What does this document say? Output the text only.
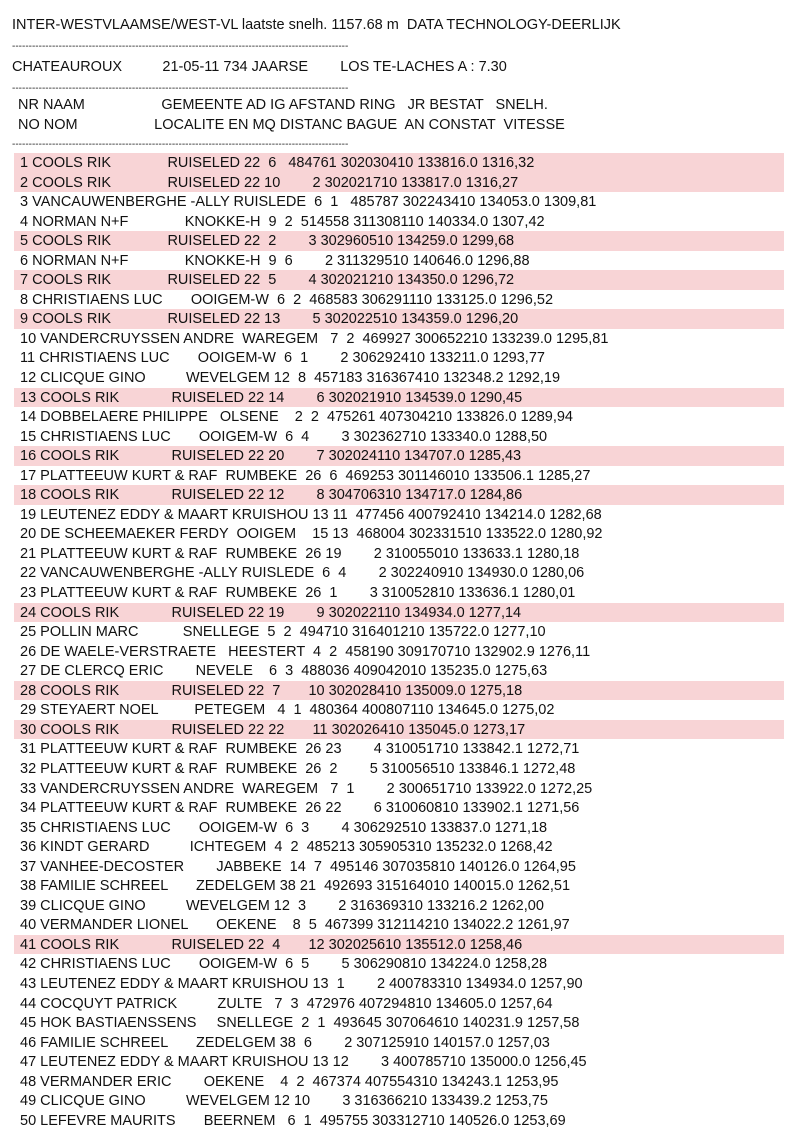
INTER-WESTVLAAMSE/WEST-VL laatste snelh. 1157.68 m  DATA TECHNOLOGY-DEERLIJK
-----------------------------------------------------------------------------------------------------
CHATEAUROUX          21-05-11 734 JAARSE        LOS TE-LACHES A : 7.30
-----------------------------------------------------------------------------------------------------
NR NAAM                   GEMEENTE AD IG AFSTAND RING   JR BESTAT   SNELH.
NO NOM                   LOCALITE EN MQ DISTANC BAGUE  AN CONSTAT  VITESSE
-----------------------------------------------------------------------------------------------------
1 COOLS RIK              RUISELED 22  6   484761 302030410 133816.0 1316,32
2 COOLS RIK              RUISELED 22 10        2 302021710 133817.0 1316,27
3 VANCAUWENBERGHE -ALLY RUISLEDE  6  1   485787 302243410 134053.0 1309,81
4 NORMAN N+F              KNOKKE-H  9  2  514558 311308110 140334.0 1307,42
5 COOLS RIK              RUISELED 22  2        3 302960510 134259.0 1299,68
6 NORMAN N+F              KNOKKE-H  9  6        2 311329510 140646.0 1296,88
7 COOLS RIK              RUISELED 22  5        4 302021210 134350.0 1296,72
8 CHRISTIAENS LUC       OOIGEM-W  6  2  468583 306291110 133125.0 1296,52
9 COOLS RIK              RUISELED 22 13        5 302022510 134359.0 1296,20
10 VANDERCRUYSSEN ANDRE  WAREGEM   7  2  469927 300652210 133239.0 1295,81
11 CHRISTIAENS LUC       OOIGEM-W  6  1        2 306292410 133211.0 1293,77
12 CLICQUE GINO          WEVELGEM 12  8  457183 316367410 132348.2 1292,19
13 COOLS RIK             RUISELED 22 14        6 302021910 134539.0 1290,45
14 DOBBELAERE PHILIPPE   OLSENE    2  2  475261 407304210 133826.0 1289,94
15 CHRISTIAENS LUC       OOIGEM-W  6  4        3 302362710 133340.0 1288,50
16 COOLS RIK             RUISELED 22 20        7 302024110 134707.0 1285,43
17 PLATTEEUW KURT & RAF  RUMBEKE  26  6  469253 301146010 133506.1 1285,27
18 COOLS RIK             RUISELED 22 12        8 304706310 134717.0 1284,86
19 LEUTENEZ EDDY & MAART KRUISHOU 13 11  477456 400792410 134214.0 1282,68
20 DE SCHEEMAEKER FERDY  OOIGEM    15 13  468004 302331510 133522.0 1280,92
21 PLATTEEUW KURT & RAF  RUMBEKE  26 19        2 310055010 133633.1 1280,18
22 VANCAUWENBERGHE -ALLY RUISLEDE  6  4        2 302240910 134930.0 1280,06
23 PLATTEEUW KURT & RAF  RUMBEKE  26  1        3 310052810 133636.1 1280,01
24 COOLS RIK             RUISELED 22 19        9 302022110 134934.0 1277,14
25 POLLIN MARC           SNELLEGE  5  2  494710 316401210 135722.0 1277,10
26 DE WAELE-VERSTRAETE   HEESTERT  4  2  458190 309170710 132902.9 1276,11
27 DE CLERCQ ERIC        NEVELE    6  3  488036 409042010 135235.0 1275,63
28 COOLS RIK             RUISELED 22  7       10 302028410 135009.0 1275,18
29 STEYAERT NOEL         PETEGEM   4  1  480364 400807110 134645.0 1275,02
30 COOLS RIK             RUISELED 22 22       11 302026410 135045.0 1273,17
31 PLATTEEUW KURT & RAF  RUMBEKE  26 23        4 310051710 133842.1 1272,71
32 PLATTEEUW KURT & RAF  RUMBEKE  26  2        5 310056510 133846.1 1272,48
33 VANDERCRUYSSEN ANDRE  WAREGEM   7  1        2 300651710 133922.0 1272,25
34 PLATTEEUW KURT & RAF  RUMBEKE  26 22        6 310060810 133902.1 1271,56
35 CHRISTIAENS LUC       OOIGEM-W  6  3        4 306292510 133837.0 1271,18
36 KINDT GERARD          ICHTEGEM  4  2  485213 305905310 135232.0 1268,42
37 VANHEE-DECOSTER        JABBEKE  14  7  495146 307035810 140126.0 1264,95
38 FAMILIE SCHREEL       ZEDELGEM 38 21  492693 315164010 140015.0 1262,51
39 CLICQUE GINO          WEVELGEM 12  3        2 316369310 133216.2 1262,00
40 VERMANDER LIONEL       OEKENE    8  5  467399 312114210 134022.2 1261,97
41 COOLS RIK             RUISELED 22  4       12 302025610 135512.0 1258,46
42 CHRISTIAENS LUC       OOIGEM-W  6  5        5 306290810 134224.0 1258,28
43 LEUTENEZ EDDY & MAART KRUISHOU 13  1        2 400783310 134934.0 1257,90
44 COCQUYT PATRICK          ZULTE   7  3  472976 407294810 134605.0 1257,64
45 HOK BASTIAENSSENS     SNELLEGE  2  1  493645 307064610 140231.9 1257,58
46 FAMILIE SCHREEL       ZEDELGEM 38  6        2 307125910 140157.0 1257,03
47 LEUTENEZ EDDY & MAART KRUISHOU 13 12        3 400785710 135000.0 1256,45
48 VERMANDER ERIC        OEKENE    4  2  467374 407554310 134243.1 1253,95
49 CLICQUE GINO          WEVELGEM 12 10        3 316366210 133439.2 1253,75
50 LEFEVRE MAURITS       BEERNEM   6  1  495755 303312710 140526.0 1253,69
